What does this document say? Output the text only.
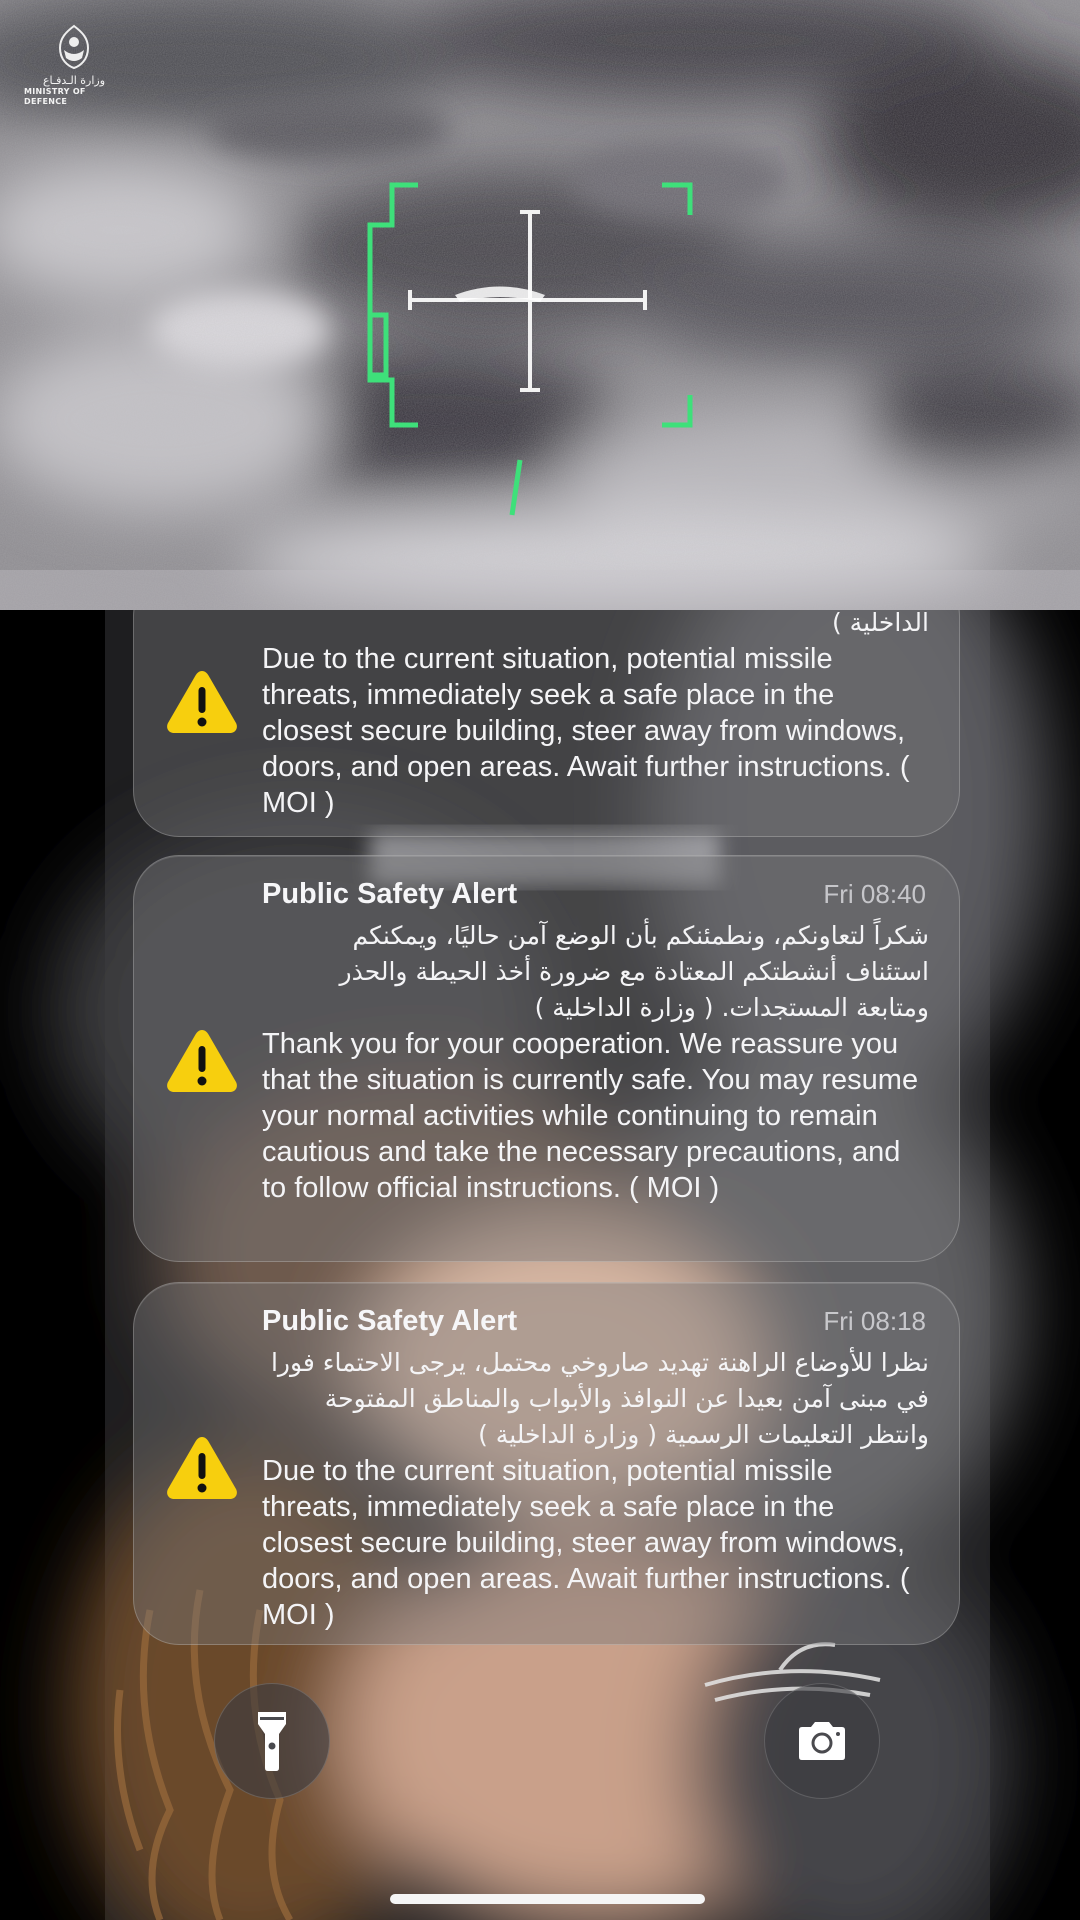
وزارة الـدفـاع
MINISTRY OF DEFENCE
الداخلية )
Due to the current situation, potential missile threats, immediately seek a safe place in the closest secure building, steer away from windows, doors, and open areas. Await further instructions. ( MOI )
Public Safety Alert	Fri 08:40
شكراً لتعاونكم، ونطمئنكم بأن الوضع آمن حاليًا، ويمكنكم استئناف أنشطتكم المعتادة مع ضرورة أخذ الحيطة والحذر ومتابعة المستجدات. ( وزارة الداخلية )
Thank you for your cooperation. We reassure you that the situation is currently safe. You may resume your normal activities while continuing to remain cautious and take the necessary precautions, and to follow official instructions. ( MOI )
Public Safety Alert	Fri 08:18
نظرا للأوضاع الراهنة تهديد صاروخي محتمل، يرجى الاحتماء فورا في مبنى آمن بعيدا عن النوافذ والأبواب والمناطق المفتوحة وانتظر التعليمات الرسمية ( وزارة الداخلية )
Due to the current situation, potential missile threats, immediately seek a safe place in the closest secure building, steer away from windows, doors, and open areas. Await further instructions. ( MOI )
